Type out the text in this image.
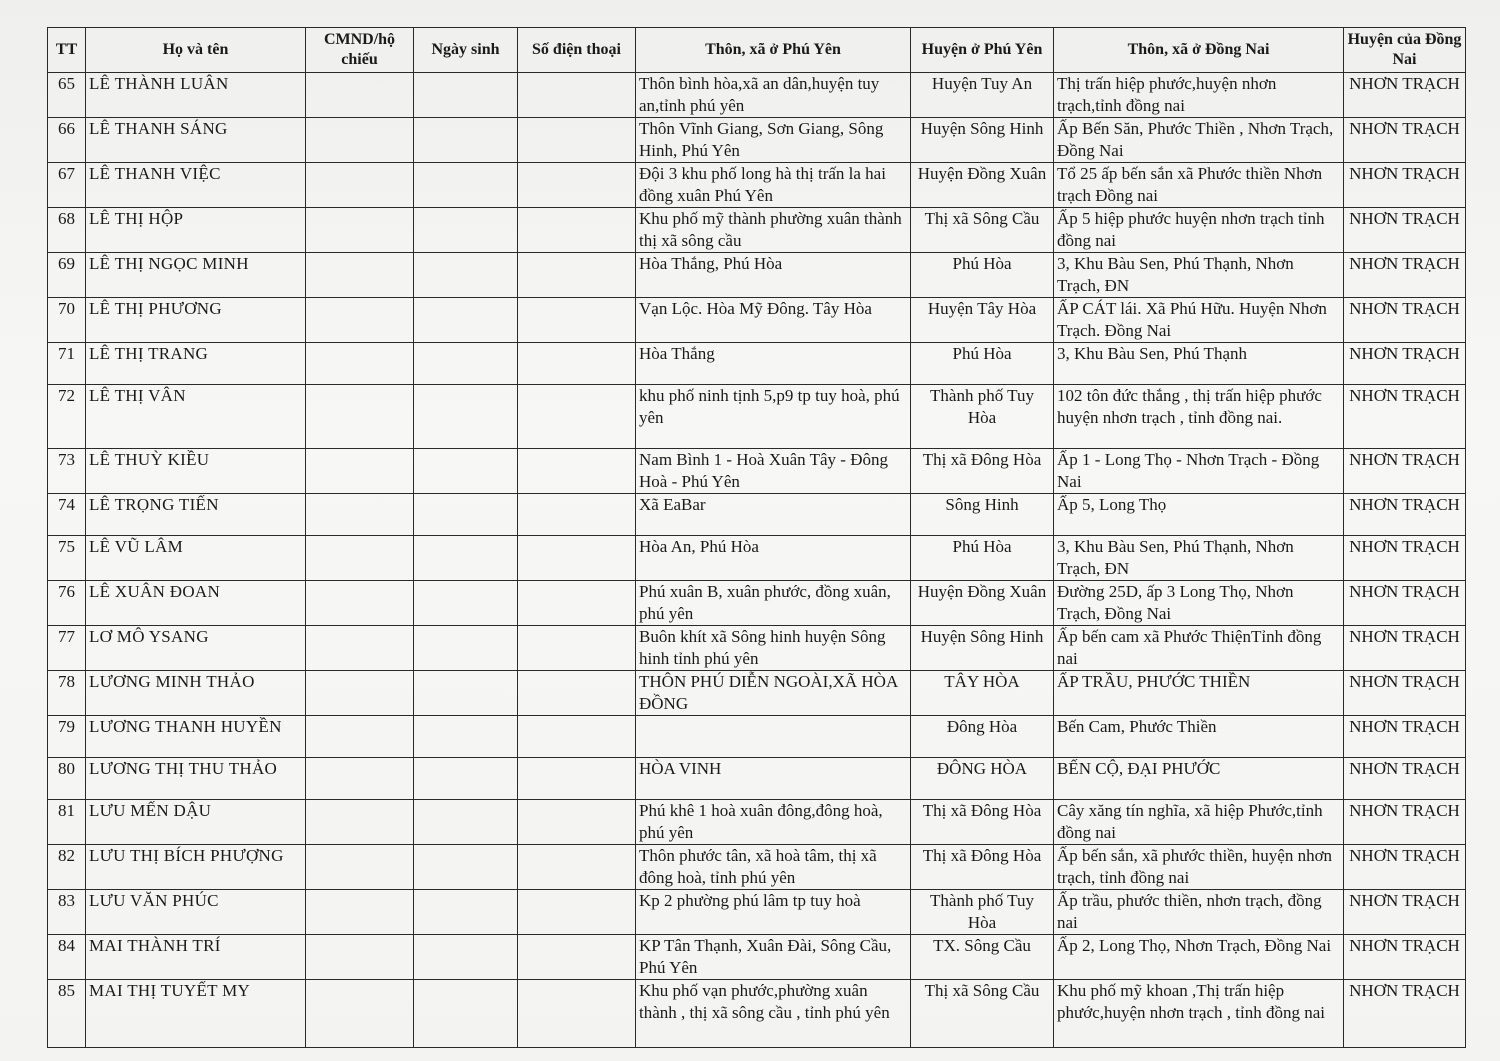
TT	Họ và tên	CMND/hộ chiếu	Ngày sinh	Số điện thoại	Thôn, xã ở Phú Yên	Huyện ở Phú Yên	Thôn, xã ở Đồng Nai	Huyện của Đồng Nai
65	LÊ THÀNH LUÂN				Thôn bình hòa,xã an dân,huyện tuy an,tỉnh phú yên	Huyện Tuy An	Thị trấn hiệp phước,huyện nhơn trạch,tỉnh đồng nai	NHƠN TRẠCH
66	LÊ THANH SÁNG				Thôn Vĩnh Giang, Sơn Giang, Sông Hinh, Phú Yên	Huyện Sông Hinh	Ấp Bến Săn, Phước Thiền , Nhơn Trạch, Đồng Nai	NHƠN TRẠCH
67	LÊ THANH VIỆC				Đội 3 khu phố long hà thị trấn la hai đồng xuân Phú Yên	Huyện Đồng Xuân	Tổ 25 ấp bến sắn xã Phước thiền Nhơn trạch Đồng nai	NHƠN TRẠCH
68	LÊ THỊ HỘP				Khu phố mỹ thành phường xuân thành thị xã sông cầu	Thị xã Sông Cầu	Ấp 5 hiệp phước huyện nhơn trạch tỉnh đồng nai	NHƠN TRẠCH
69	LÊ THỊ NGỌC MINH				Hòa Thắng, Phú Hòa	Phú Hòa	3, Khu Bàu Sen, Phú Thạnh, Nhơn Trạch, ĐN	NHƠN TRẠCH
70	LÊ THỊ PHƯƠNG				Vạn Lộc. Hòa Mỹ Đông. Tây Hòa	Huyện Tây Hòa	ẤP CÁT lái. Xã Phú Hữu. Huyện Nhơn Trạch. Đồng Nai	NHƠN TRẠCH
71	LÊ THỊ TRANG				Hòa Thắng	Phú Hòa	3, Khu Bàu Sen, Phú Thạnh	NHƠN TRẠCH
72	LÊ THỊ VÂN				khu phố ninh tịnh 5,p9 tp tuy hoà, phú yên	Thành phố Tuy Hòa	102 tôn đức thắng , thị trấn hiệp phước huyện nhơn trạch , tỉnh đồng nai.	NHƠN TRẠCH
73	LÊ THUỲ KIỀU				Nam Bình 1 - Hoà Xuân Tây - Đông Hoà - Phú Yên	Thị xã Đông Hòa	Ấp 1 - Long Thọ - Nhơn Trạch - Đồng Nai	NHƠN TRẠCH
74	LÊ TRỌNG TIẾN				Xã EaBar	Sông Hinh	Ấp 5, Long Thọ	NHƠN TRẠCH
75	LÊ VŨ LÂM				Hòa An, Phú Hòa	Phú Hòa	3, Khu Bàu Sen, Phú Thạnh, Nhơn Trạch, ĐN	NHƠN TRẠCH
76	LÊ XUÂN ĐOAN				Phú xuân B, xuân phước, đồng xuân, phú yên	Huyện Đồng Xuân	Đường 25D, ấp 3 Long Thọ, Nhơn Trạch, Đồng Nai	NHƠN TRẠCH
77	LƠ MÔ YSANG				Buôn khít xã Sông hinh huyện Sông hinh tỉnh phú yên	Huyện Sông Hinh	Ấp bến cam xã Phước ThiệnTỉnh đồng nai	NHƠN TRẠCH
78	LƯƠNG MINH THẢO				THÔN PHÚ DIỄN NGOÀI,XÃ HÒA ĐỒNG	TÂY HÒA	ẤP TRẦU, PHƯỚC THIỀN	NHƠN TRẠCH
79	LƯƠNG THANH HUYỀN					Đông Hòa	Bến Cam, Phước Thiền	NHƠN TRẠCH
80	LƯƠNG THỊ THU THẢO				HÒA VINH	ĐÔNG HÒA	BẾN CỘ, ĐẠI PHƯỚC	NHƠN TRẠCH
81	LƯU MẾN DẬU				Phú khê 1 hoà xuân đông,đông hoà, phú yên	Thị xã Đông Hòa	Cây xăng tín nghĩa, xã hiệp Phước,tỉnh đồng nai	NHƠN TRẠCH
82	LƯU THỊ BÍCH PHƯỢNG				Thôn phước tân, xã hoà tâm, thị xã đông hoà, tỉnh phú yên	Thị xã Đông Hòa	Ấp bến sắn, xã phước thiền, huyện nhơn trạch, tỉnh đồng nai	NHƠN TRẠCH
83	LƯU VĂN PHÚC				Kp 2 phường phú lâm tp tuy hoà	Thành phố Tuy Hòa	Ấp trầu, phước thiền, nhơn trạch, đồng nai	NHƠN TRẠCH
84	MAI THÀNH TRÍ				KP Tân Thạnh, Xuân Đài, Sông Cầu, Phú Yên	TX. Sông Cầu	Ấp 2, Long Thọ, Nhơn Trạch, Đồng Nai	NHƠN TRẠCH
85	MAI THỊ TUYẾT MY				Khu phố vạn phước,phường xuân thành , thị xã sông cầu , tỉnh phú yên	Thị xã Sông Cầu	Khu phố mỹ khoan ,Thị trấn hiệp phước,huyện nhơn trạch , tỉnh đồng nai	NHƠN TRẠCH
